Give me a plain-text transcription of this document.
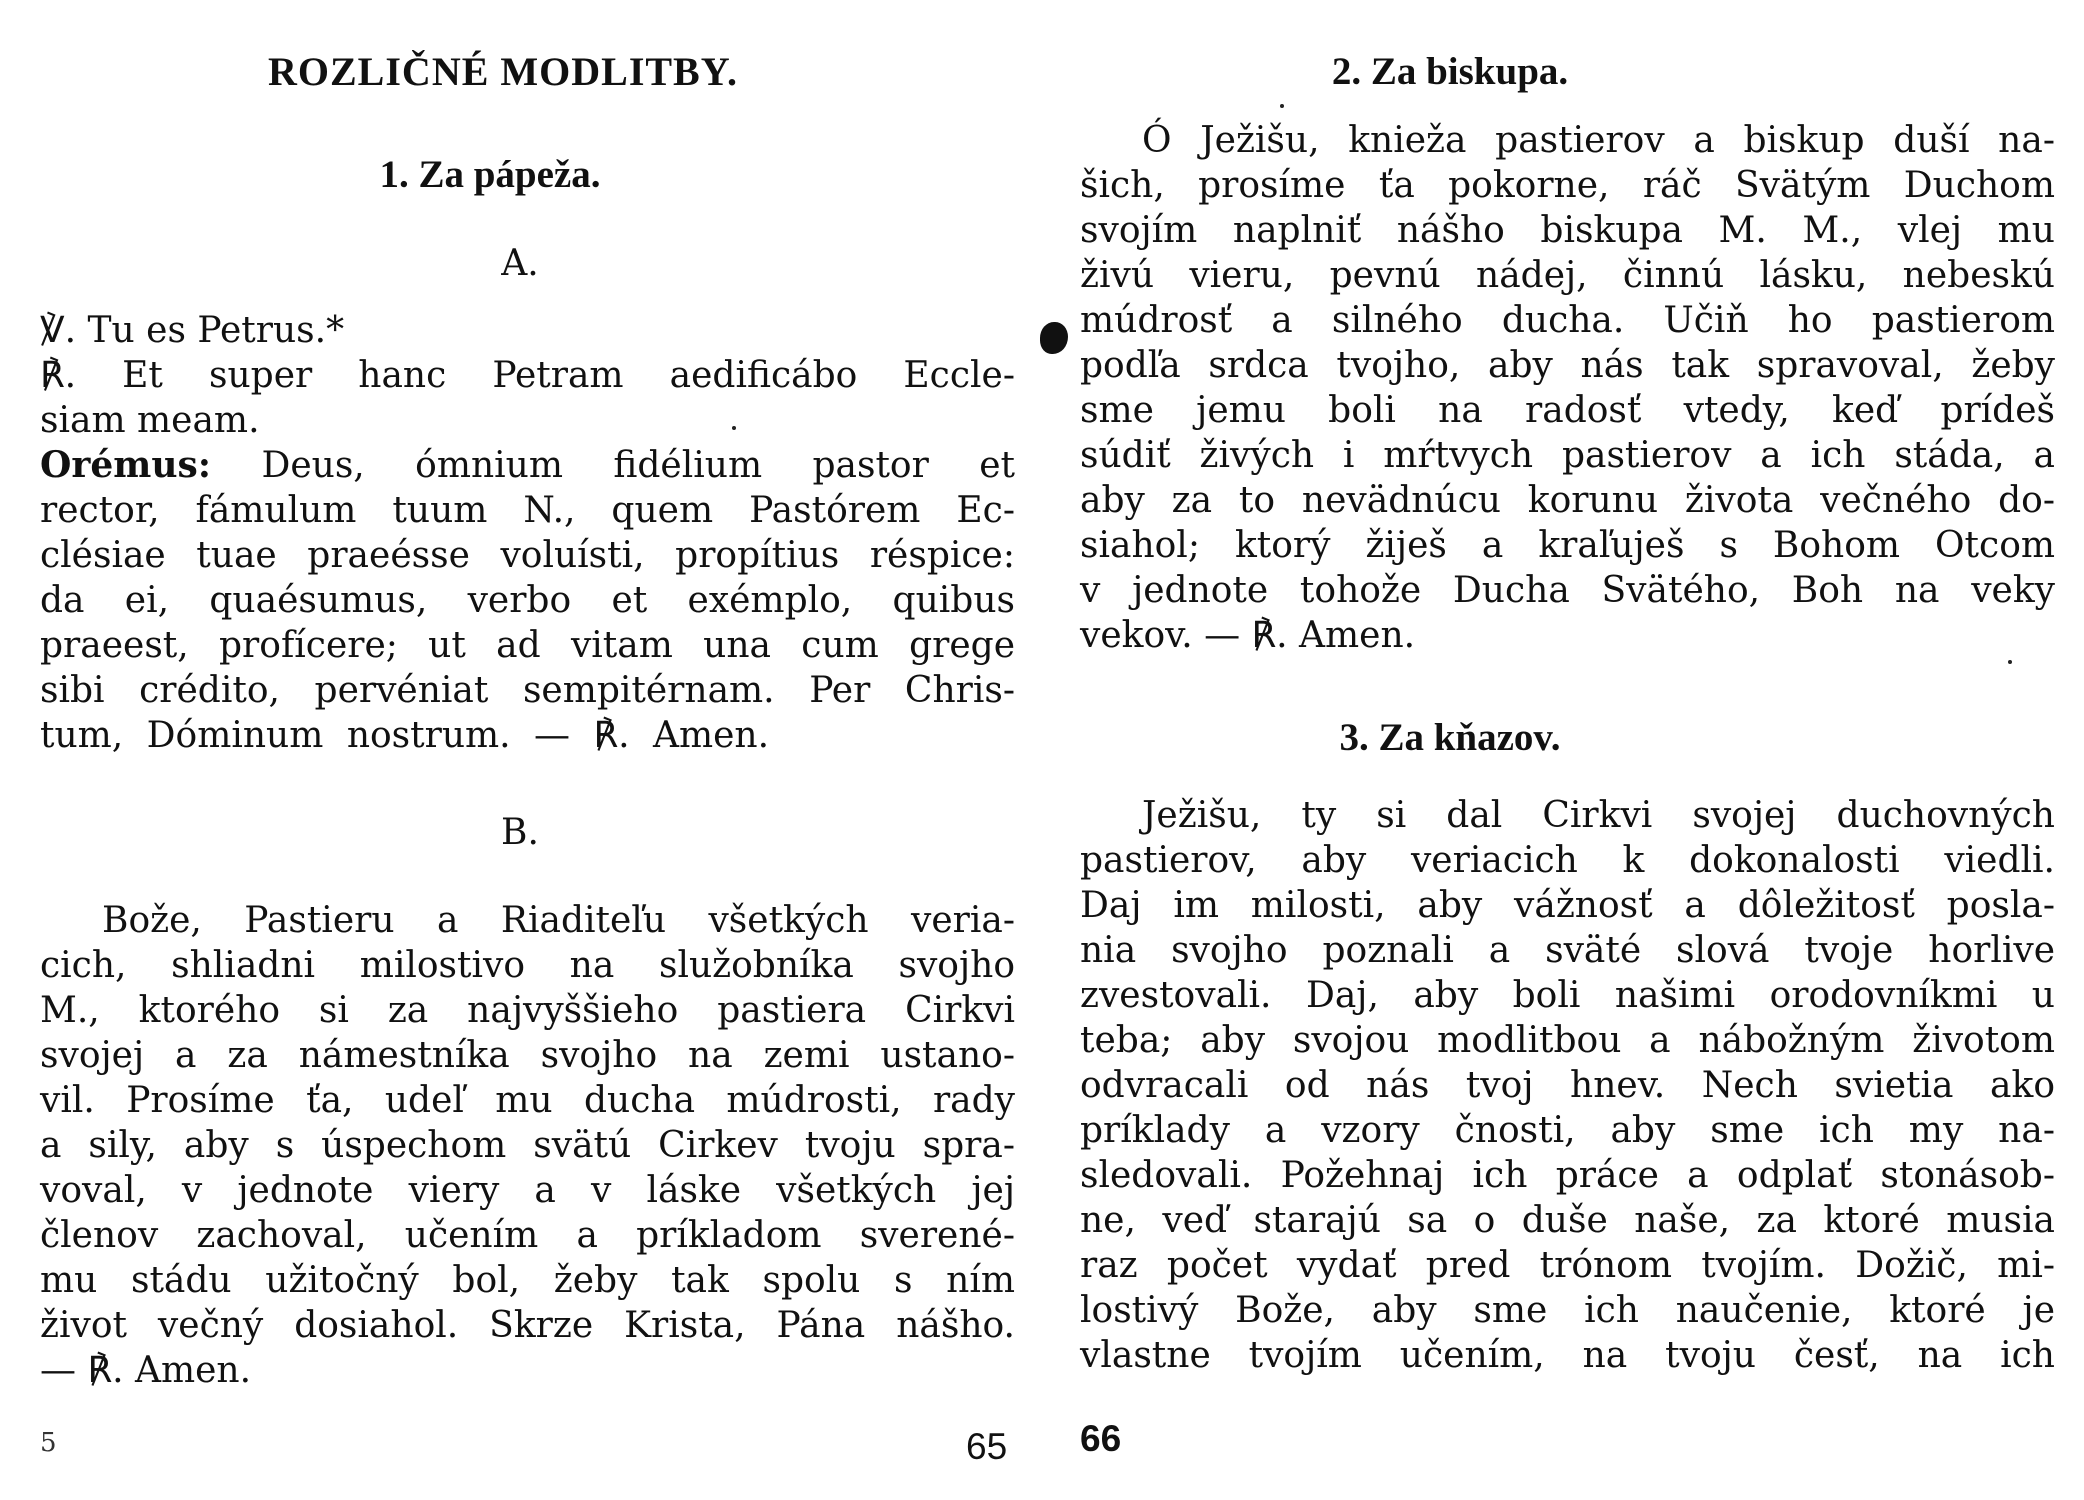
ROZLIČNÉ MODLITBY.
1. Za pápeža.
A.
℣. Tu es Petrus.*
℟. Et super hanc Petram aedificábo Eccle-
siam meam.
Orémus: Deus, ómnium fidélium pastor et
rector, fámulum tuum N., quem Pastórem Ec-
clésiae tuae praeésse voluísti, propítius réspice:
da ei, quaésumus, verbo et exémplo, quibus
praeest, profícere; ut ad vitam una cum grege
sibi crédito, pervéniat sempitérnam. Per Chris-
tum, Dóminum nostrum. — ℟. Amen.
B.
Bože, Pastieru a Riaditeľu všetkých veria-
cich, shliadni milostivo na služobníka svojho
M., ktorého si za najvyššieho pastiera Cirkvi
svojej a za námestníka svojho na zemi ustano-
vil. Prosíme ťa, udeľ mu ducha múdrosti, rady
a sily, aby s úspechom svätú Cirkev tvoju spra-
voval, v jednote viery a v láske všetkých jej
členov zachoval, učením a príkladom sverené-
mu stádu užitočný bol, žeby tak spolu s ním
život večný dosiahol. Skrze Krista, Pána nášho.
— ℟. Amen.
5	65
2. Za biskupa.
Ó Ježišu, knieža pastierov a biskup duší na-
šich, prosíme ťa pokorne, ráč Svätým Duchom
svojím naplniť nášho biskupa M. M., vlej mu
živú vieru, pevnú nádej, činnú lásku, nebeskú
múdrosť a silného ducha. Učiň ho pastierom
podľa srdca tvojho, aby nás tak spravoval, žeby
sme jemu boli na radosť vtedy, keď prídeš
súdiť živých i mŕtvych pastierov a ich stáda, a
aby za to nevädnúcu korunu života večného do-
siahol; ktorý žiješ a kraľuješ s Bohom Otcom
v jednote tohože Ducha Svätého, Boh na veky
vekov. — ℟. Amen.
3. Za kňazov.
Ježišu, ty si dal Cirkvi svojej duchovných
pastierov, aby veriacich k dokonalosti viedli.
Daj im milosti, aby vážnosť a dôležitosť posla-
nia svojho poznali a sväté slová tvoje horlive
zvestovali. Daj, aby boli našimi orodovníkmi u
teba; aby svojou modlitbou a nábožným životom
odvracali od nás tvoj hnev. Nech svietia ako
príklady a vzory čnosti, aby sme ich my na-
sledovali. Požehnaj ich práce a odplať stonásob-
ne, veď starajú sa o duše naše, za ktoré musia
raz počet vydať pred trónom tvojím. Dožič, mi-
lostivý Bože, aby sme ich naučenie, ktoré je
vlastne tvojím učením, na tvoju česť, na ich
66
